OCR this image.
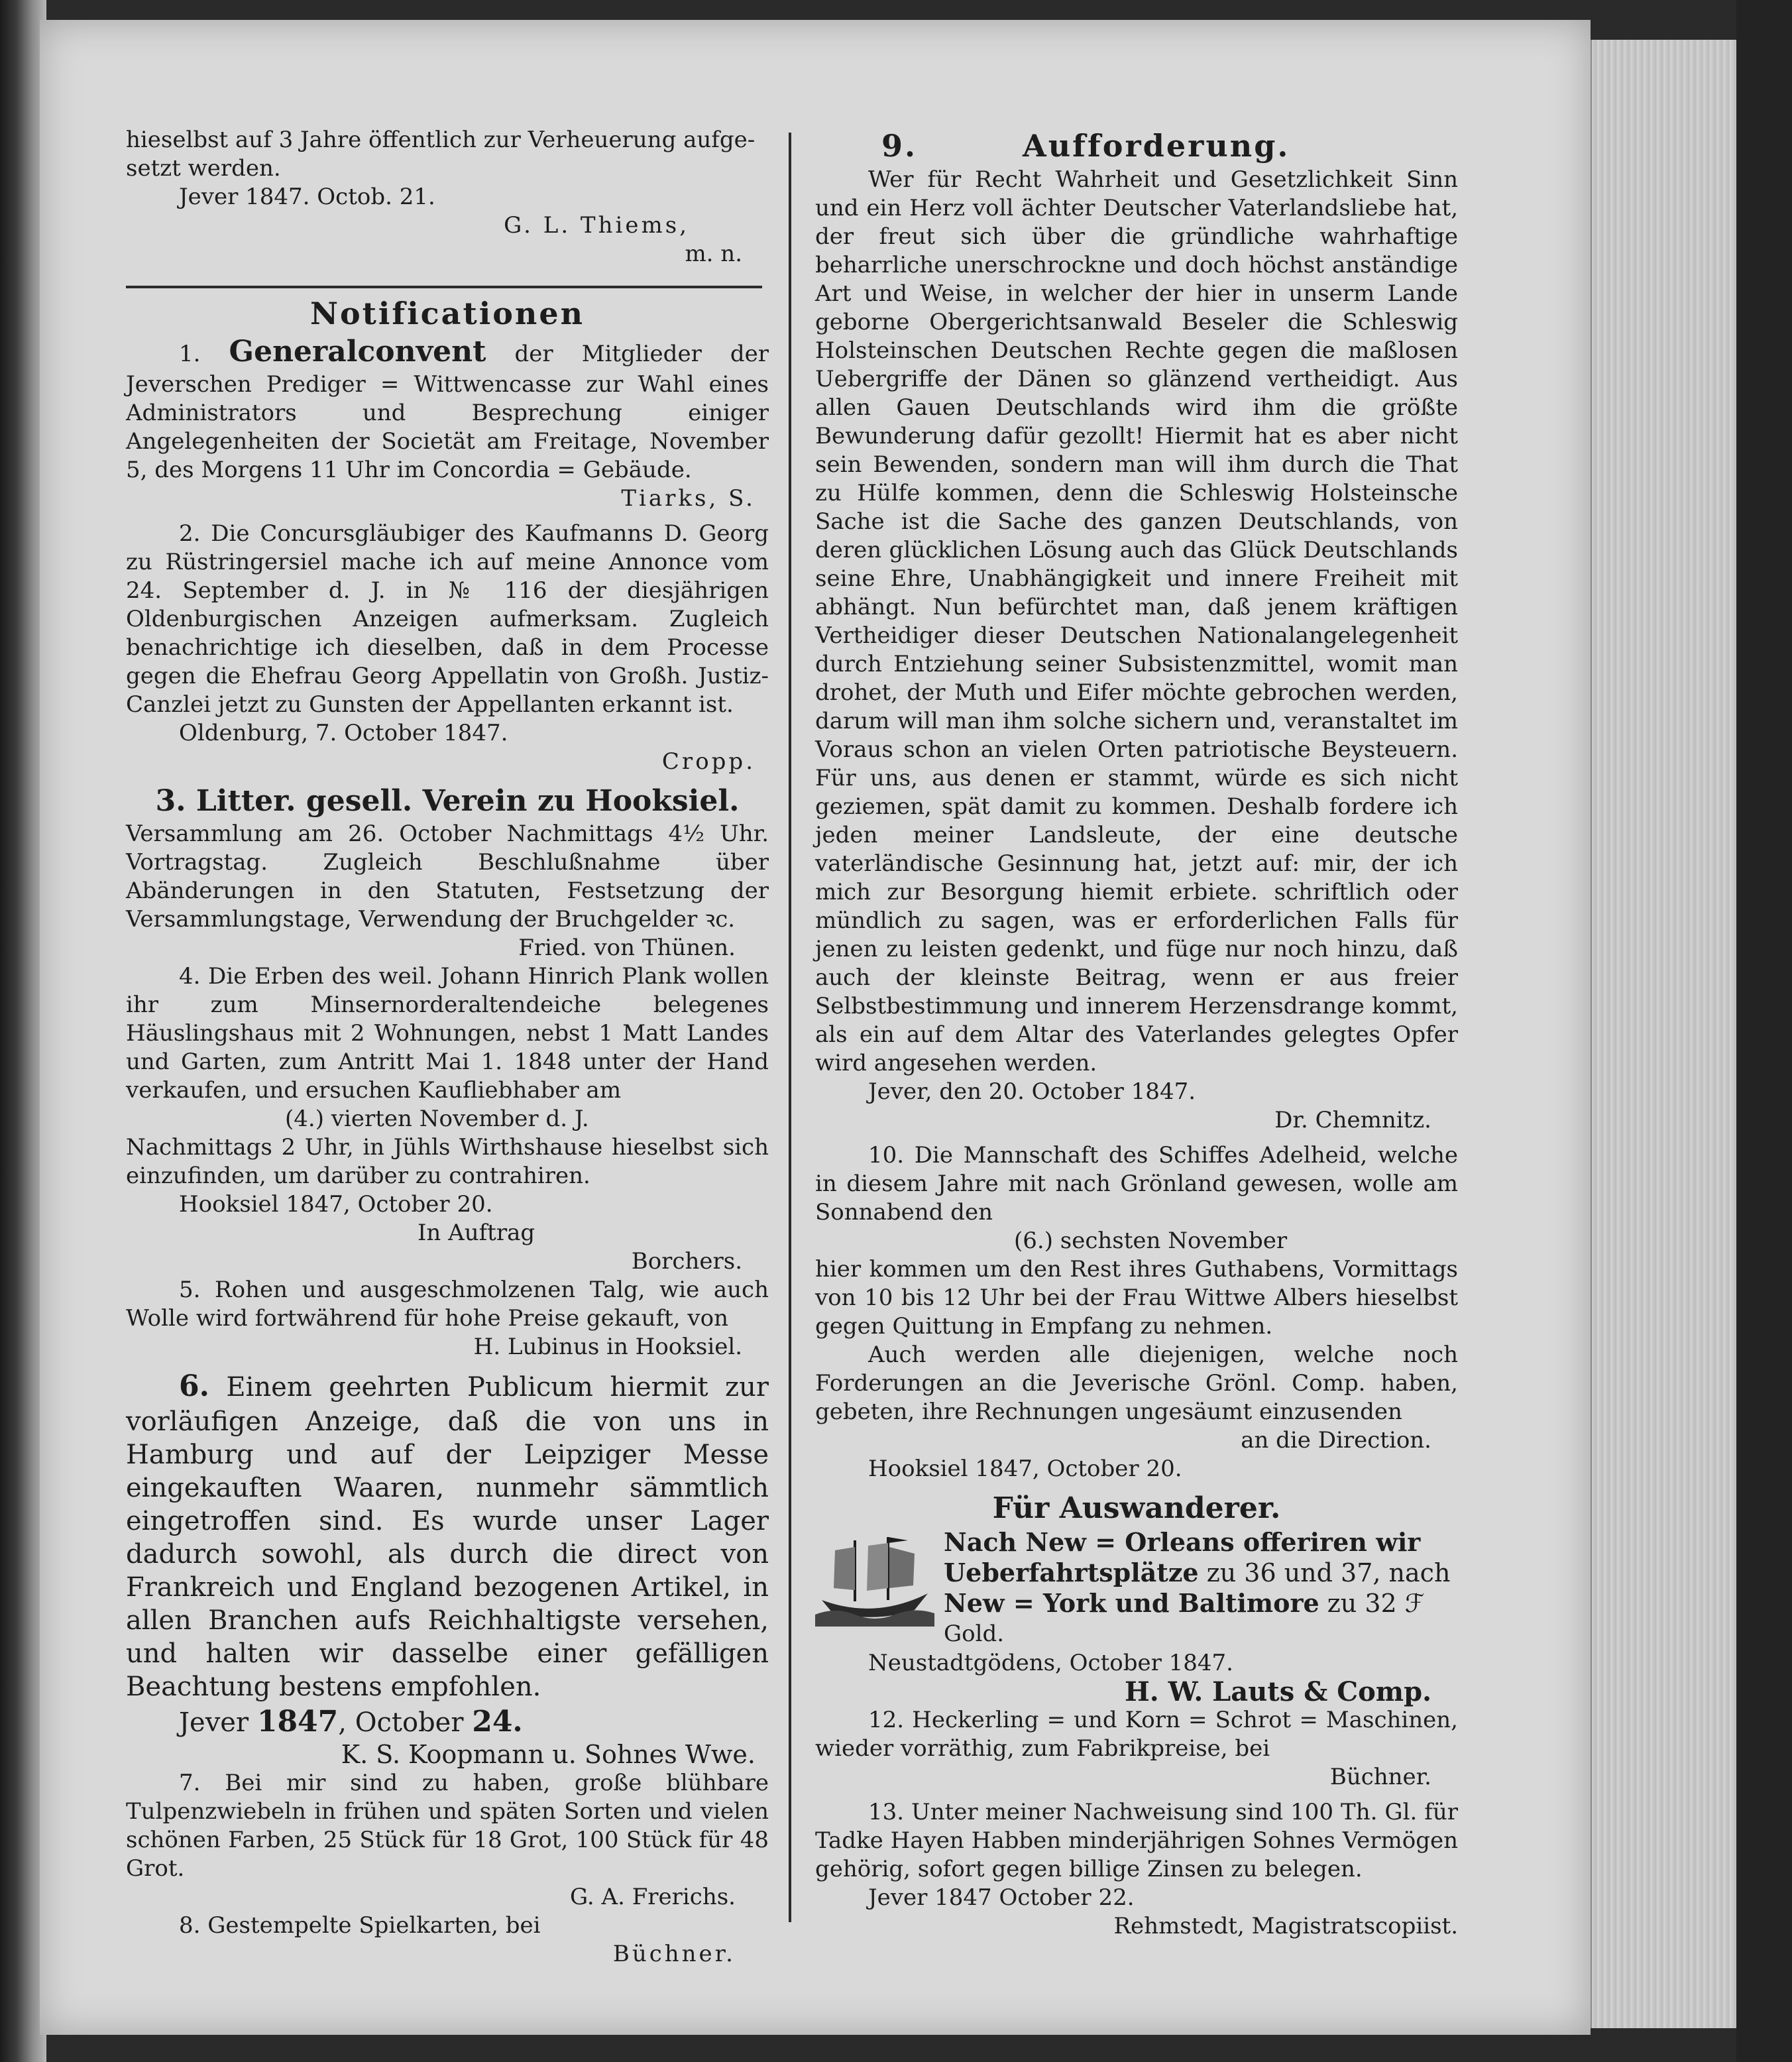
hieselbst auf 3 Jahre öffentlich zur Verheuerung aufge-

setzt werden.

Jever 1847. Octob. 21.

G. L. Thiems,

m. n.

Notificationen

1. Generalconvent der Mitglieder der Jeverschen Prediger = Wittwencasse zur Wahl eines Administrators und Besprechung einiger Angelegenheiten der Societät am Freitage, November 5, des Morgens 11 Uhr im Concordia = Gebäude.

Tiarks, S.

2. Die Concursgläubiger des Kaufmanns D. Georg zu Rüstringersiel mache ich auf meine Annonce vom 24. September d. J. in № 116 der diesjährigen Oldenburgischen Anzeigen aufmerksam. Zugleich benachrichtige ich dieselben, daß in dem Processe gegen die Ehefrau Georg Appellatin von Großh. Justiz-Canzlei jetzt zu Gunsten der Appellanten erkannt ist.

Oldenburg, 7. October 1847.

Cropp.

3. Litter. gesell. Verein zu Hooksiel.

Versammlung am 26. October Nachmittags 4½ Uhr. Vortragstag. Zugleich Beschlußnahme über Abänderungen in den Statuten, Festsetzung der Versammlungstage, Verwendung der Bruchgelder ꝛc.

Fried. von Thünen.

4. Die Erben des weil. Johann Hinrich Plank wollen ihr zum Minsernorderaltendeiche belegenes Häuslingshaus mit 2 Wohnungen, nebst 1 Matt Landes und Garten, zum Antritt Mai 1. 1848 unter der Hand verkaufen, und ersuchen Kaufliebhaber am

(4.) vierten November d. J.

Nachmittags 2 Uhr, in Jühls Wirthshause hieselbst sich einzufinden, um darüber zu contrahiren.

Hooksiel 1847, October 20.

In Auftrag

Borchers.

5. Rohen und ausgeschmolzenen Talg, wie auch Wolle wird fortwährend für hohe Preise gekauft, von

H. Lubinus in Hooksiel.

6. Einem geehrten Publicum hiermit zur vorläufigen Anzeige, daß die von uns in Hamburg und auf der Leipziger Messe eingekauften Waaren, nunmehr sämmtlich eingetroffen sind. Es wurde unser Lager dadurch sowohl, als durch die direct von Frankreich und England bezogenen Artikel, in allen Branchen aufs Reichhaltigste versehen, und halten wir dasselbe einer gefälligen Beachtung bestens empfohlen.

Jever 1847, October 24.

K. S. Koopmann u. Sohnes Wwe.

7. Bei mir sind zu haben, große blühbare Tulpenzwiebeln in frühen und späten Sorten und vielen schönen Farben, 25 Stück für 18 Grot, 100 Stück für 48 Grot.

G. A. Frerichs.

8. Gestempelte Spielkarten, bei

Büchner.

9.	Aufforderung.

Wer für Recht Wahrheit und Gesetzlichkeit Sinn und ein Herz voll ächter Deutscher Vaterlandsliebe hat, der freut sich über die gründliche wahrhaftige beharrliche unerschrockne und doch höchst anständige Art und Weise, in welcher der hier in unserm Lande geborne Obergerichtsanwald Beseler die Schleswig Holsteinschen Deutschen Rechte gegen die maßlosen Uebergriffe der Dänen so glänzend vertheidigt. Aus allen Gauen Deutschlands wird ihm die größte Bewunderung dafür gezollt! Hiermit hat es aber nicht sein Bewenden, sondern man will ihm durch die That zu Hülfe kommen, denn die Schleswig Holsteinsche Sache ist die Sache des ganzen Deutschlands, von deren glücklichen Lösung auch das Glück Deutschlands seine Ehre, Unabhängigkeit und innere Freiheit mit abhängt. Nun befürchtet man, daß jenem kräftigen Vertheidiger dieser Deutschen Nationalangelegenheit durch Entziehung seiner Subsistenzmittel, womit man drohet, der Muth und Eifer möchte gebrochen werden, darum will man ihm solche sichern und, veranstaltet im Voraus schon an vielen Orten patriotische Beysteuern. Für uns, aus denen er stammt, würde es sich nicht geziemen, spät damit zu kommen. Deshalb fordere ich jeden meiner Landsleute, der eine deutsche vaterländische Gesinnung hat, jetzt auf: mir, der ich mich zur Besorgung hiemit erbiete. schriftlich oder mündlich zu sagen, was er erforderlichen Falls für jenen zu leisten gedenkt, und füge nur noch hinzu, daß auch der kleinste Beitrag, wenn er aus freier Selbstbestimmung und innerem Herzensdrange kommt, als ein auf dem Altar des Vaterlandes gelegtes Opfer wird angesehen werden.

Jever, den 20. October 1847.

Dr. Chemnitz.

10. Die Mannschaft des Schiffes Adelheid, welche in diesem Jahre mit nach Grönland gewesen, wolle am Sonnabend den

(6.) sechsten November

hier kommen um den Rest ihres Guthabens, Vormittags von 10 bis 12 Uhr bei der Frau Wittwe Albers hieselbst gegen Quittung in Empfang zu nehmen.

Auch werden alle diejenigen, welche noch Forderungen an die Jeverische Grönl. Comp. haben, gebeten, ihre Rechnungen ungesäumt einzusenden

an die Direction.

Hooksiel 1847, October 20.

Für Auswanderer.

Nach New = Orleans offeriren wir

Ueberfahrtsplätze zu 36 und 37, nach

New = York und Baltimore zu 32 ℱ

Gold.

Neustadtgödens, October 1847.

H. W. Lauts & Comp.

12. Heckerling = und Korn = Schrot = Maschinen, wieder vorräthig, zum Fabrikpreise, bei

Büchner.

13. Unter meiner Nachweisung sind 100 Th. Gl. für Tadke Hayen Habben minderjährigen Sohnes Vermögen gehörig, sofort gegen billige Zinsen zu belegen.

Jever 1847 October 22.

Rehmstedt, Magistratscopiist.
